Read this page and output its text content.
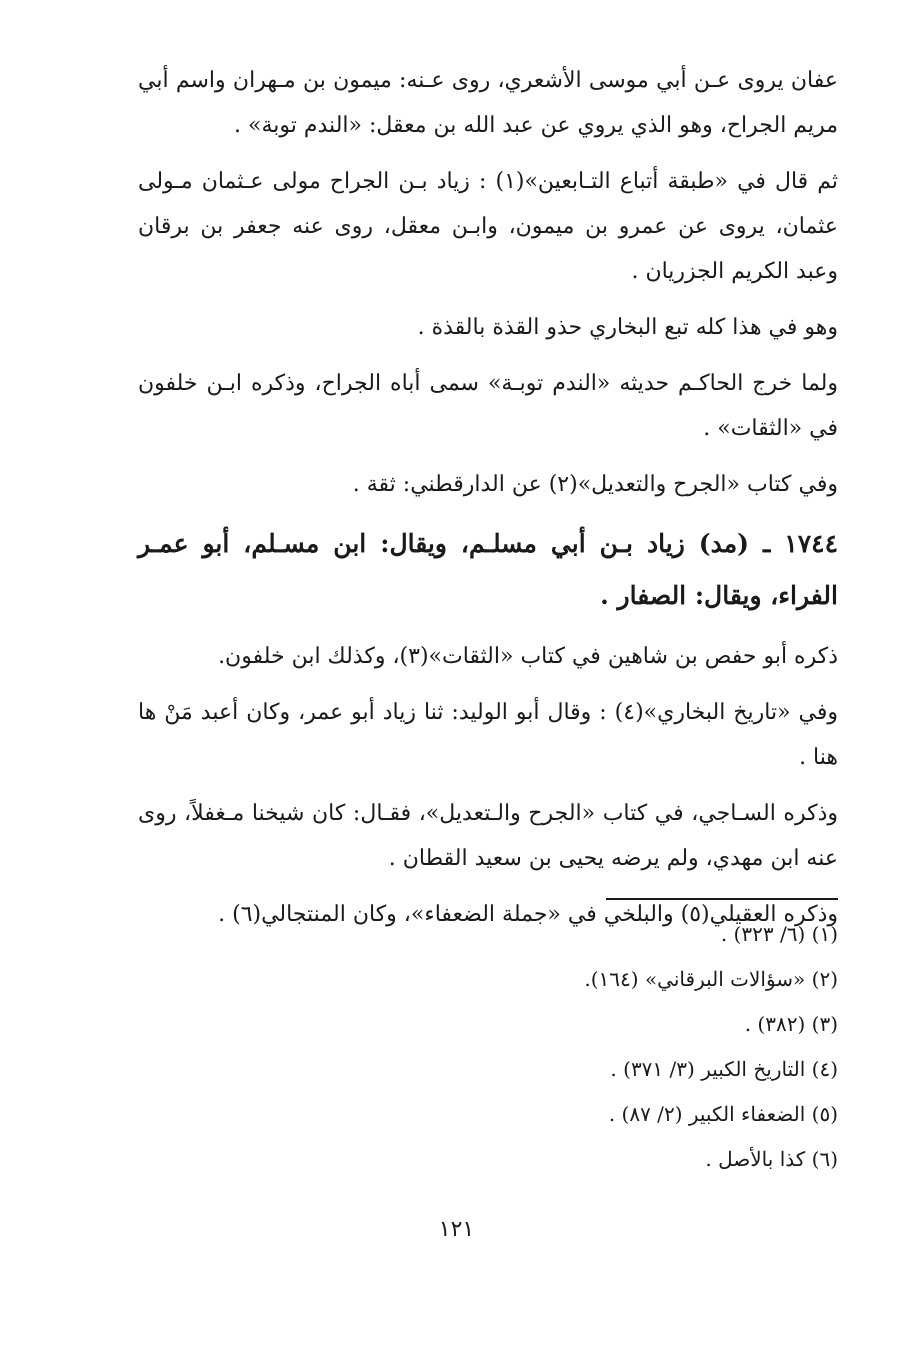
عفان يروى عـن أبي موسى الأشعري، روى عـنه: ميمون بن مـهران واسم أبي مريم الجراح، وهو الذي يروي عن عبد الله بن معقل: «الندم توبة» .

ثم قال في «طبقة أتباع التـابعين»(١) : زياد بـن الجراح مولى عـثمان مـولى عثمان، يروى عن عمرو بن ميمون، وابـن معقل، روى عنه جعفر بن برقان وعبد الكريم الجزريان .

وهو في هذا كله تبع البخاري حذو القذة بالقذة .

ولما خرج الحاكـم حديثه «الندم توبـة» سمى أباه الجراح، وذكره ابـن خلفون في «الثقات» .

وفي كتاب «الجرح والتعديل»(٢) عن الدارقطني: ثقة .

١٧٤٤ ـ (مد) زياد بـن أبي مسلـم، ويقال: ابن مسـلم، أبو عمـر الفراء، ويقال: الصفار .

ذكره أبو حفص بن شاهين في كتاب «الثقات»(٣)، وكذلك ابن خلفون.

وفي «تاريخ البخاري»(٤) : وقال أبو الوليد: ثنا زياد أبو عمر، وكان أعبد مَنْ ها هنا .

وذكره السـاجي، في كتاب «الجرح والـتعديل»، فقـال: كان شيخنا مـغفلاً، روى عنه ابن مهدي، ولم يرضه يحيى بن سعيد القطان .

وذكره العقيلي(٥) والبلخي في «جملة الضعفاء»، وكان المنتجالي(٦) .

(١) (٦/ ٣٢٣) .

(٢) «سؤالات البرقاني» (١٦٤).

(٣) (٣٨٢) .

(٤) التاريخ الكبير (٣/ ٣٧١) .

(٥) الضعفاء الكبير (٢/ ٨٧) .

(٦) كذا بالأصل .

١٢١
